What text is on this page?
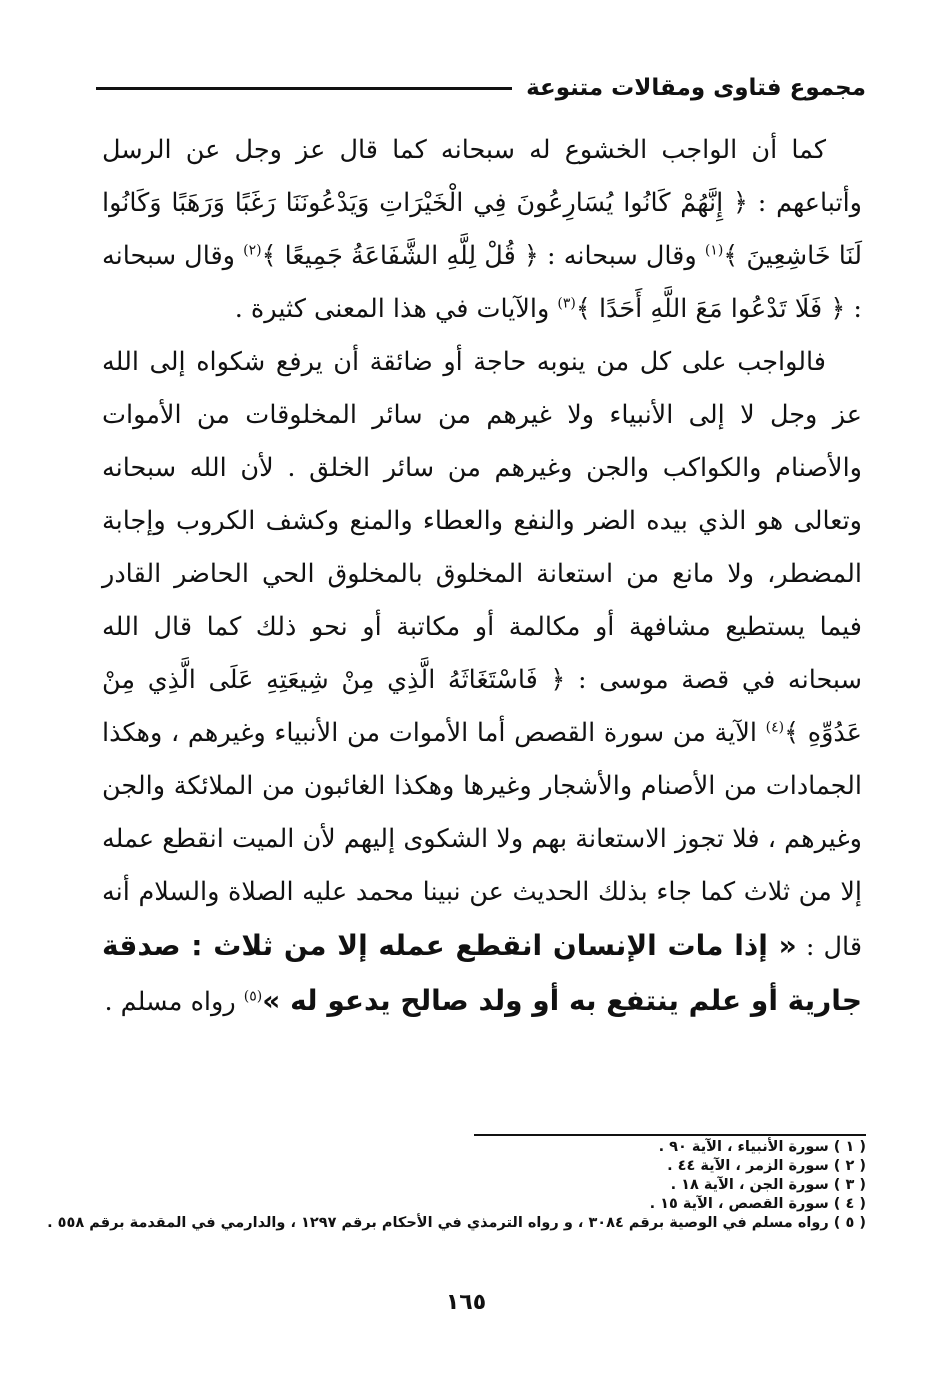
مجموع فتاوى ومقالات متنوعة

كما أن الواجب الخشوع له سبحانه كما قال عز وجل عن الرسل وأتباعهم : ﴿ إِنَّهُمْ كَانُوا يُسَارِعُونَ فِي الْخَيْرَاتِ وَيَدْعُونَنَا رَغَبًا وَرَهَبًا وَكَانُوا لَنَا خَاشِعِينَ ﴾$^{(١)}$ وقال سبحانه : ﴿ قُلْ لِلَّهِ الشَّفَاعَةُ جَمِيعًا ﴾$^{(٢)}$ وقال سبحانه : ﴿ فَلَا تَدْعُوا مَعَ اللَّهِ أَحَدًا ﴾$^{(٣)}$ والآيات في هذا المعنى كثيرة .

فالواجب على كل من ينوبه حاجة أو ضائقة أن يرفع شكواه إلى الله عز وجل لا إلى الأنبياء ولا غيرهم من سائر المخلوقات من الأموات والأصنام والكواكب والجن وغيرهم من سائر الخلق . لأن الله سبحانه وتعالى هو الذي بيده الضر والنفع والعطاء والمنع وكشف الكروب وإجابة المضطر، ولا مانع من استعانة المخلوق بالمخلوق الحي الحاضر القادر فيما يستطيع مشافهة أو مكالمة أو مكاتبة أو نحو ذلك كما قال الله سبحانه في قصة موسى : ﴿ فَاسْتَغَاثَهُ الَّذِي مِنْ شِيعَتِهِ عَلَى الَّذِي مِنْ عَدُوِّهِ ﴾$^{(٤)}$ الآية من سورة القصص أما الأموات من الأنبياء وغيرهم ، وهكذا الجمادات من الأصنام والأشجار وغيرها وهكذا الغائبون من الملائكة والجن وغيرهم ، فلا تجوز الاستعانة بهم ولا الشكوى إليهم لأن الميت انقطع عمله إلا من ثلاث كما جاء بذلك الحديث عن نبينا محمد عليه الصلاة والسلام أنه قال : « إذا مات الإنسان انقطع عمله إلا من ثلاث : صدقة جارية أو علم ينتفع به أو ولد صالح يدعو له »$^{(٥)}$ رواه مسلم .

( ١ ) سورة الأنبياء ، الآية ٩٠ .
( ٢ ) سورة الزمر ، الآية ٤٤ .
( ٣ ) سورة الجن ، الآية ١٨ .
( ٤ ) سورة القصص ، الآية ١٥ .
( ٥ ) رواه مسلم في الوصية برقم ٣٠٨٤ ، و رواه الترمذي في الأحكام برقم ١٢٩٧ ، والدارمي في المقدمة برقم ٥٥٨ .
١٦٥
